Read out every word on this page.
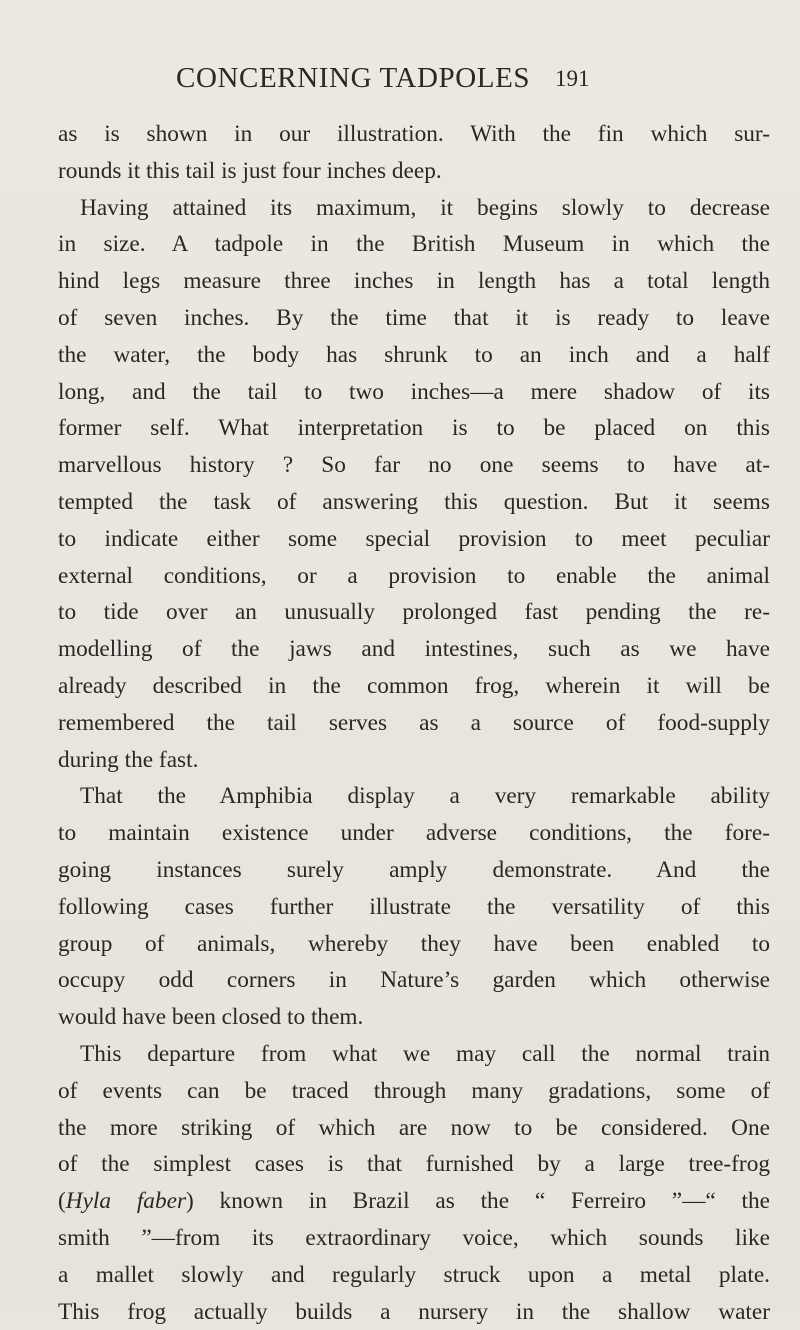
CONCERNING TADPOLES 191
as is shown in our illustration. With the fin which sur-
rounds it this tail is just four inches deep.
Having attained its maximum, it begins slowly to decrease
in size. A tadpole in the British Museum in which the
hind legs measure three inches in length has a total length
of seven inches. By the time that it is ready to leave
the water, the body has shrunk to an inch and a half
long, and the tail to two inches—a mere shadow of its
former self. What interpretation is to be placed on this
marvellous history ? So far no one seems to have at-
tempted the task of answering this question. But it seems
to indicate either some special provision to meet peculiar
external conditions, or a provision to enable the animal
to tide over an unusually prolonged fast pending the re-
modelling of the jaws and intestines, such as we have
already described in the common frog, wherein it will be
remembered the tail serves as a source of food-supply
during the fast.
That the Amphibia display a very remarkable ability
to maintain existence under adverse conditions, the fore-
going instances surely amply demonstrate. And the
following cases further illustrate the versatility of this
group of animals, whereby they have been enabled to
occupy odd corners in Nature’s garden which otherwise
would have been closed to them.
This departure from what we may call the normal train
of events can be traced through many gradations, some of
the more striking of which are now to be considered. One
of the simplest cases is that furnished by a large tree-frog
(Hyla faber) known in Brazil as the “ Ferreiro ”—“ the
smith ”—from its extraordinary voice, which sounds like
a mallet slowly and regularly struck upon a metal plate.
This frog actually builds a nursery in the shallow water
